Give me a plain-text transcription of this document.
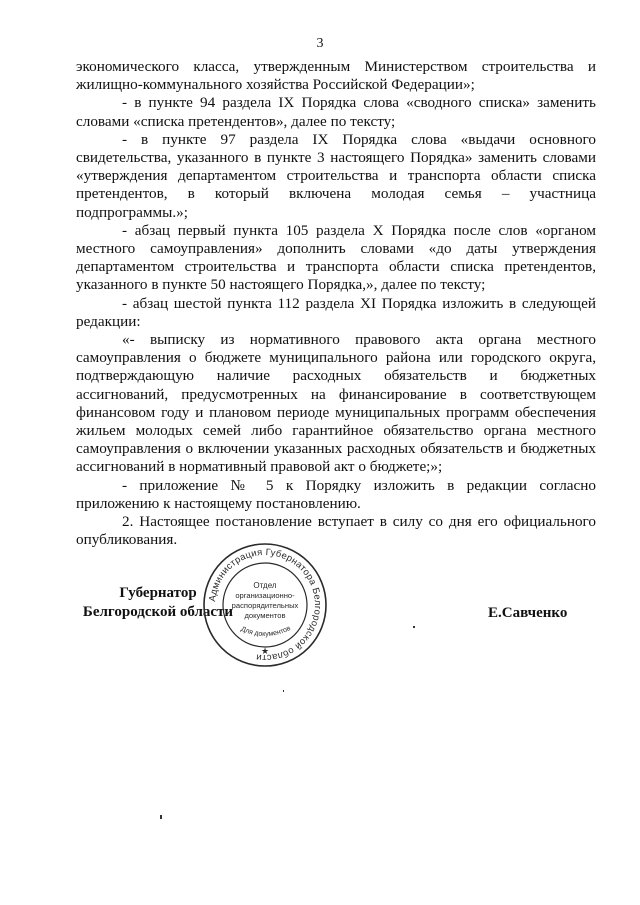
3

экономического класса, утвержденным Министерством строительства и жилищно-коммунального хозяйства Российской Федерации»;

- в пункте 94 раздела IX Порядка слова «сводного списка» заменить словами «списка претендентов», далее по тексту;

- в пункте 97 раздела IX Порядка слова «выдачи основного свидетельства, указанного в пункте 3 настоящего Порядка» заменить словами «утверждения департаментом строительства и транспорта области списка претендентов, в который включена молодая семья – участница подпрограммы.»;

- абзац первый пункта 105 раздела X Порядка после слов «органом местного самоуправления» дополнить словами «до даты утверждения департаментом строительства и транспорта области списка претендентов, указанного в пункте 50 настоящего Порядка,», далее по тексту;

- абзац шестой пункта 112 раздела XI Порядка изложить в следующей редакции:

«- выписку из нормативного правового акта органа местного самоуправления о бюджете муниципального района или городского округа, подтверждающую наличие расходных обязательств и бюджетных ассигнований, предусмотренных на финансирование в соответствующем финансовом году и плановом периоде муниципальных программ обеспечения жильем молодых семей либо гарантийное обязательство органа местного самоуправления о включении указанных расходных обязательств и бюджетных ассигнований в нормативный правовой акт о бюджете;»;

- приложение № 5 к Порядку изложить в редакции согласно приложению к настоящему постановлению.

2. Настоящее постановление вступает в силу со дня его официального опубликования.

Губернатор
Белгородской области	Е.Савченко
Администрация Губернатора Белгородской области
Отдел
организационно-
распорядительных
документов
Для документов
★
